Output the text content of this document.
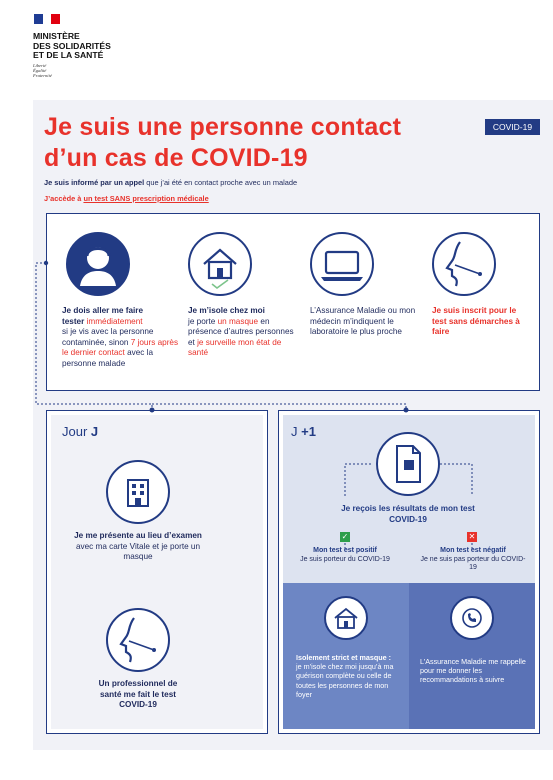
MINISTÈRE
DES SOLIDARITÉS
ET DE LA SANTÉ
Liberté
Égalité
Fraternité
Je suis une personne contact
d’un cas de COVID-19
COVID-19
Je suis informé par un appel que j’ai été en contact proche avec un malade
J’accède à un test SANS prescription médicale
Je dois aller me faire
tester immédiatement
si je vis avec la personne contaminée, sinon 7 jours après le dernier contact avec la personne malade
Je m’isole chez moi
je porte un masque en présence d’autres personnes et je surveille mon état de santé
L’Assurance Maladie ou mon médecin m’indiquent le laboratoire le plus proche
Je suis inscrit pour le test sans démarches à faire
Jour J
Je me présente au lieu d’examen
avec ma carte Vitale et je porte un masque
Un professionnel de santé me fait le test COVID-19
J +1
Je reçois les résultats de mon test COVID-19
✓	✕
Mon test est positif
Je suis porteur du COVID-19
Mon test est négatif
Je ne suis pas porteur du COVID-19
Isolement strict et masque :
je m’isole chez moi jusqu’à ma guérison complète ou celle de toutes les personnes de mon foyer
L’Assurance Maladie me rappelle pour me donner les recommandations à suivre
